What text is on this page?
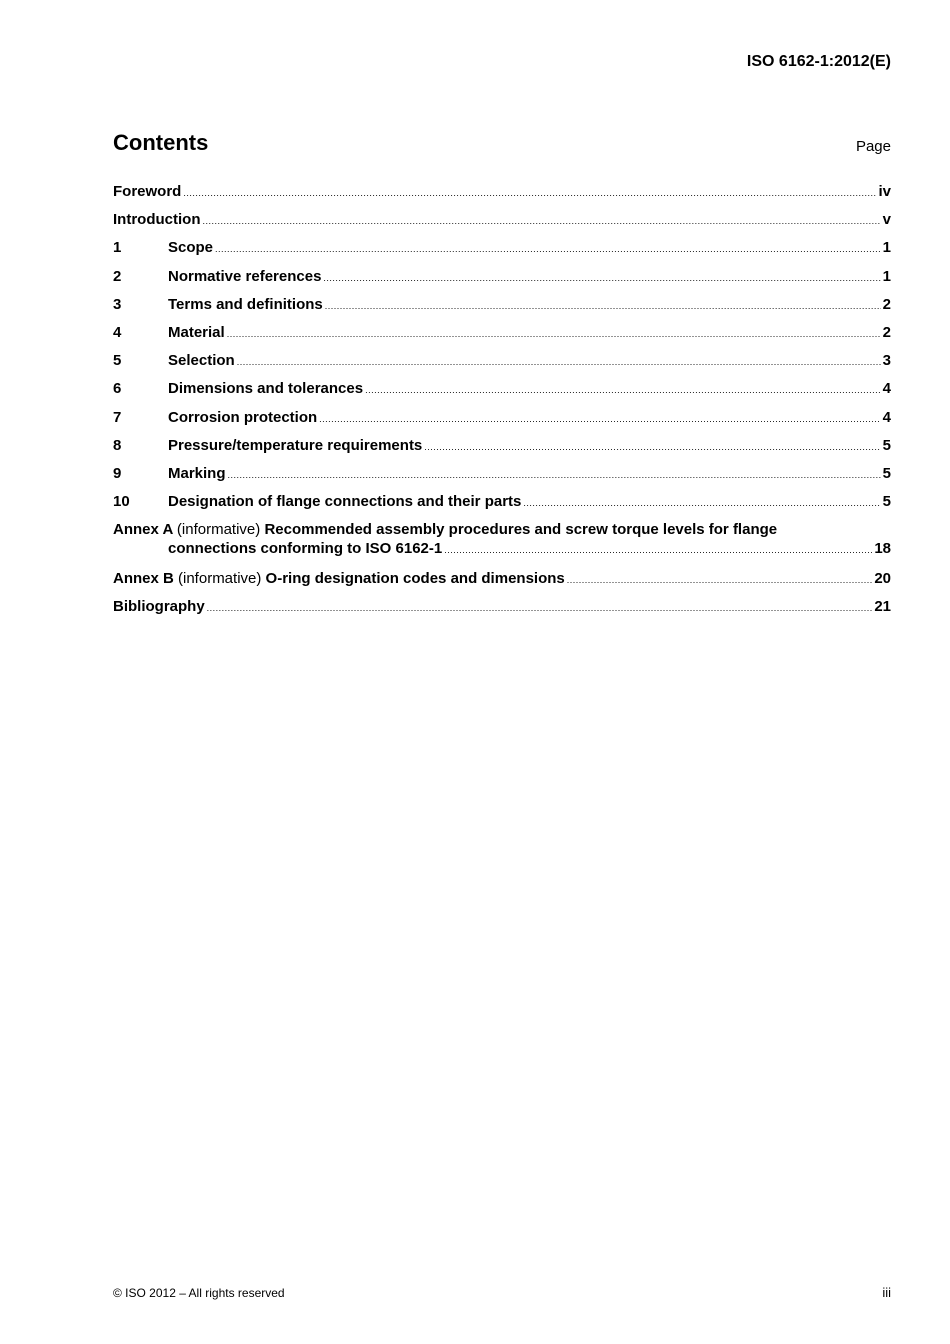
ISO 6162-1:2012(E)
Contents	Page
Foreword .....	iv
Introduction .....	v
1	Scope .....	1
2	Normative references .....	1
3	Terms and definitions .....	2
4	Material .....	2
5	Selection .....	3
6	Dimensions and tolerances .....	4
7	Corrosion protection .....	4
8	Pressure/temperature requirements .....	5
9	Marking .....	5
10	Designation of flange connections and their parts .....	5
Annex A (informative) Recommended assembly procedures and screw torque levels for flange
connections conforming to ISO 6162-1 .....	18
Annex B (informative) O-ring designation codes and dimensions .....	20
Bibliography .....	21
© ISO 2012 – All rights reserved	iii
